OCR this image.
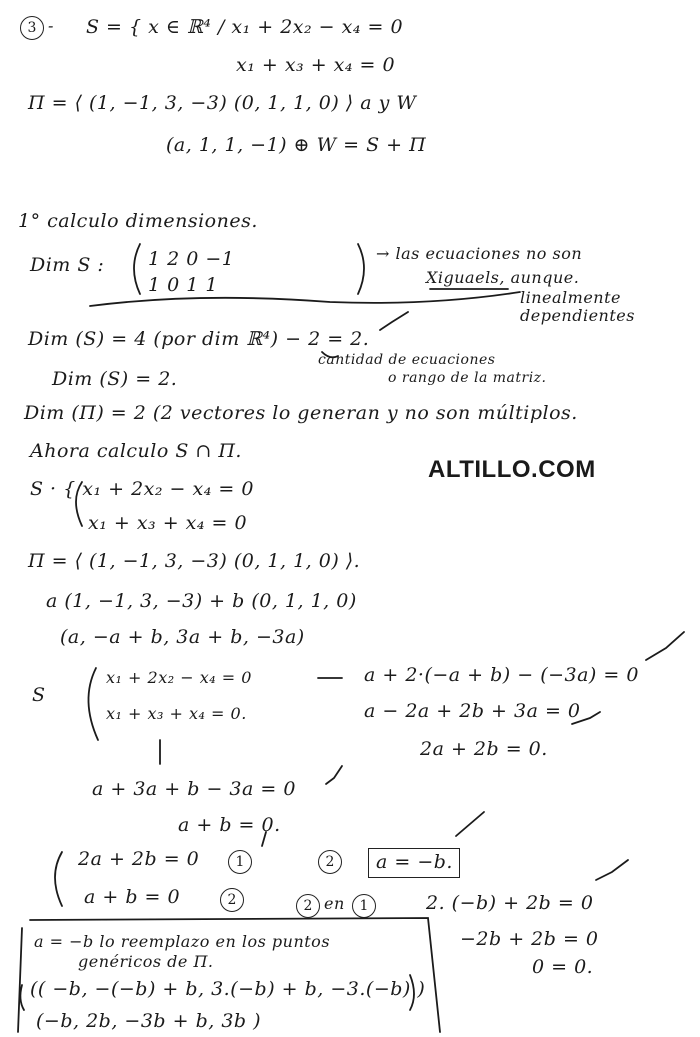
3 - S = { x ∈ ℝ⁴ / x₁ + 2x₂ − x₄ = 0
x₁ + x₃ + x₄ = 0
Π = ⟨ (1, −1, 3, −3) (0, 1, 1, 0) ⟩ a y W
(a, 1, 1, −1) ⊕ W = S + Π
1° calculo dimensiones.
Dim S : 1 2 0 −1
1 0 1 1
→ las ecuaciones no son
Xiguaels, aunque.
linealmente
dependientes
Dim (S) = 4 (por dim ℝ⁴) − 2 = 2.
cantidad de ecuaciones
o rango de la matriz.
Dim (S) = 2.
Dim (Π) = 2 (2 vectores lo generan y no son múltiplos.
Ahora calculo S ∩ Π.
ALTILLO.COM
S · { x₁ + 2x₂ − x₄ = 0
x₁ + x₃ + x₄ = 0
Π = ⟨ (1, −1, 3, −3) (0, 1, 1, 0) ⟩.
a (1, −1, 3, −3) + b (0, 1, 1, 0)
(a, −a + b, 3a + b, −3a)
S
x₁ + 2x₂ − x₄ = 0
x₁ + x₃ + x₄ = 0.
a + 2·(−a + b) − (−3a) = 0
a − 2a + 2b + 3a = 0
2a + 2b = 0.
a + 3a + b − 3a = 0
a + b = 0.
2a + 2b = 0
a + b = 0
1
2
2
2 en	1
a = −b.
2. (−b) + 2b = 0
−2b + 2b = 0
0 = 0.
a = −b lo reemplazo en los puntos
genéricos de Π.
(( −b, −(−b) + b, 3.(−b) + b, −3.(−b) )
(−b, 2b, −3b + b, 3b )
